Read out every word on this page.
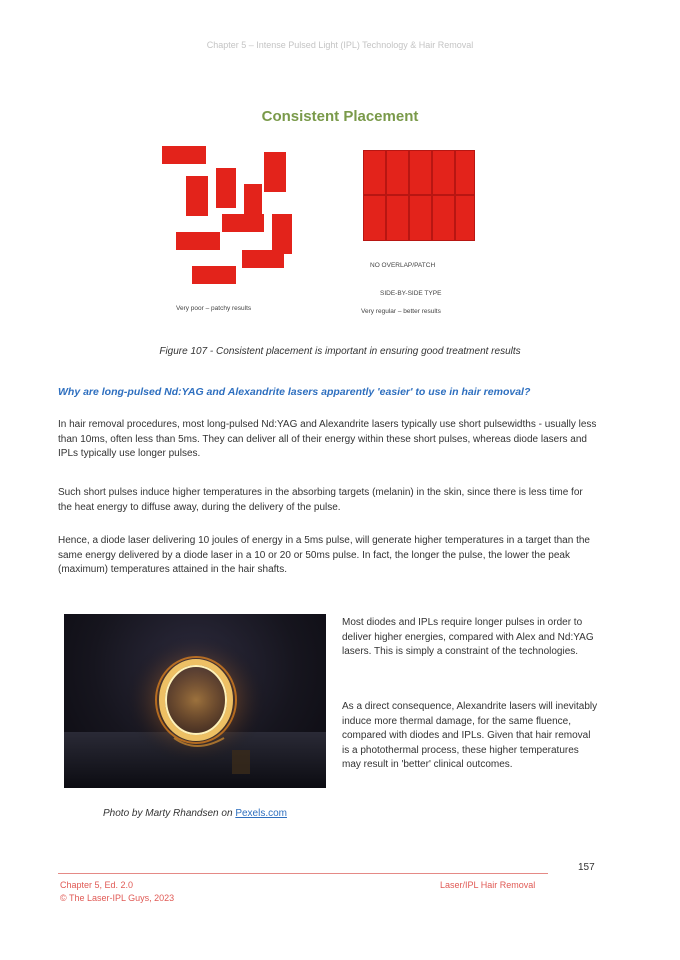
Chapter 5 – Intense Pulsed Light (IPL) Technology & Hair Removal
Consistent Placement
Very poor – patchy results
NO OVERLAP/PATCH
SIDE-BY-SIDE TYPE
Very regular – better results
Figure 107 - Consistent placement is important in ensuring good treatment results
Why are long-pulsed Nd:YAG and Alexandrite lasers apparently 'easier' to use in hair removal?

In hair removal procedures, most long-pulsed Nd:YAG and Alexandrite lasers typically use short pulsewidths - usually less than 10ms, often less than 5ms. They can deliver all of their energy within these short pulses, whereas diode lasers and IPLs typically use longer pulses.

Such short pulses induce higher temperatures in the absorbing targets (melanin) in the skin, since there is less time for the heat energy to diffuse away, during the delivery of the pulse.

Hence, a diode laser delivering 10 joules of energy in a 5ms pulse, will generate higher temperatures in a target than the same energy delivered by a diode laser in a 10 or 20 or 50ms pulse. In fact, the longer the pulse, the lower the peak (maximum) temperatures attained in the hair shafts.

Photo by Marty Rhandsen on Pexels.com

Most diodes and IPLs require longer pulses in order to deliver higher energies, compared with Alex and Nd:YAG lasers. This is simply a constraint of the technologies.

As a direct consequence, Alexandrite lasers will inevitably induce more thermal damage, for the same fluence, compared with diodes and IPLs. Given that hair removal is a photothermal process, these higher temperatures may result in 'better' clinical outcomes.

157
Chapter 5, Ed. 2.0
© The Laser-IPL Guys, 2023
Laser/IPL Hair Removal
